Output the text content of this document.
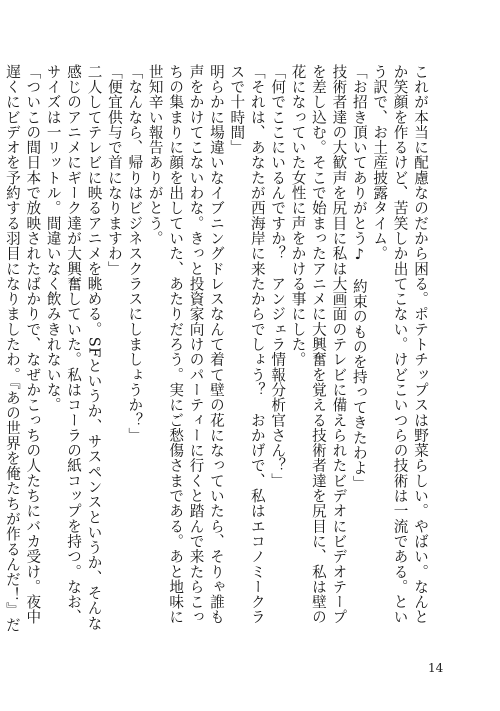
これが本当に配慮なのだから困る。ポテトチップスは野菜らしい。やばい。なんとか笑顔を作るけど、苦笑しか出てこない。けどこいつらの技術は一流である。という訳で、お土産披露タイム。

「お招き頂いてありがとう♪　約束のものを持ってきたわよ」

技術者達の大歓声を尻目に私は大画面のテレビに備えられたビデオにビデオテープを差し込む。そこで始まったアニメに大興奮を覚える技術者達を尻目に、私は壁の花になっていた女性に声をかける事にした。

「何でここにいるんですか？　アンジェラ情報分析官さん？」

「それは、あなたが西海岸に来たからでしょう？　おかげで、私はエコノミークラスで十時間」

明らかに場違いなイブニングドレスなんて着て壁の花になっていたら、そりゃ誰も声をかけてこないわな。きっと投資家向けのパーティーに行くと踏んで来たらこっちの集まりに顔を出していた、あたりだろう。実にご愁傷さまである。あと地味に世知辛い報告ありがとう。

「なんなら、帰りはビジネスクラスにしましょうか？」

「便宜供与で首になりますわ」

二人してテレビに映るアニメを眺める。SFというか、サスペンスというか、そんな感じのアニメにギーク達が大興奮していた。私はコーラの紙コップを持つ。なお、サイズは一リットル。間違いなく飲みきれないな。

「ついこの間日本で放映されたばかりで、なぜかこっちの人たちにバカ受け。夜中遅くにビデオを予約する羽目になりましたわ。『あの世界を俺たちが作るんだ！』だ

14
